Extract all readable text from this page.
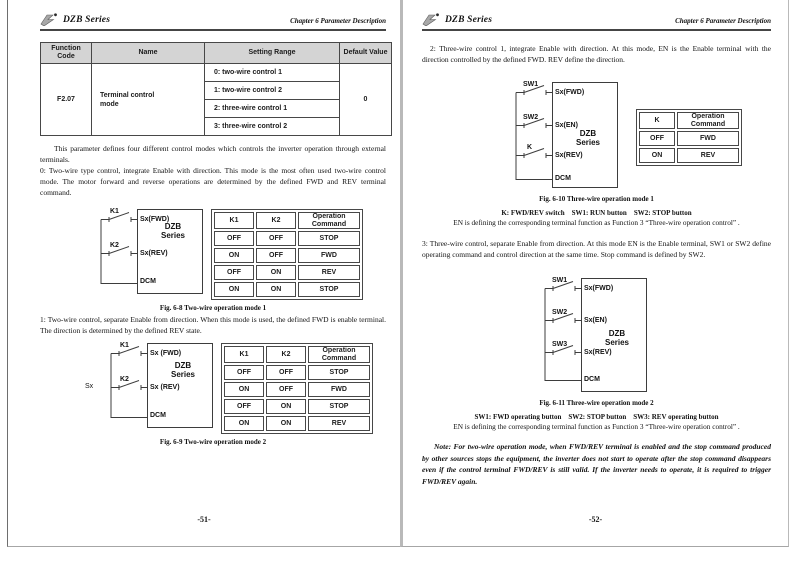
DZB Series	Chapter 6 Parameter Description
Function Code	Name	Setting Range	Default Value
F2.07	Terminal control mode	0: two-wire control 1	0
		1: two-wire control 2	
		2: three-wire control 1	
		3: three-wire control 2	

This parameter defines four different control modes which controls the inverter operation through external terminals.

0: Two-wire type control, integrate Enable with direction. This mode is the most often used two-wire control mode. The motor forward and reverse operations are determined by the defined FWD and REV terminal command.

K1
K2
Sx(FWD)
Sx(REV)
DCM
DZB Series
K1	K2	Operation Command
OFF	OFF	STOP
ON	OFF	FWD
OFF	ON	REV
ON	ON	STOP
Fig. 6-8 Two-wire operation mode 1

1: Two-wire control, separate Enable from direction. When this mode is used, the defined FWD is enable terminal. The direction is determined by the defined REV state.

Sx
K1
K2
Sx (FWD)
Sx (REV)
DCM
DZB Series
K1	K2	Operation Command
OFF	OFF	STOP
ON	OFF	FWD
OFF	ON	STOP
ON	ON	REV
Fig. 6-9 Two-wire operation mode 2
-51-
DZB Series	Chapter 6 Parameter Description

2: Three-wire control 1, integrate Enable with direction. At this mode, EN is the Enable terminal with the direction controlled by the defined FWD. REV define the direction.

SW1
SW2
K
Sx(FWD)
Sx(EN)
Sx(REV)
DCM
DZB Series
K	Operation Command
OFF	FWD
ON	REV
Fig. 6-10 Three-wire operation mode 1
K: FWD/REV switch SW1: RUN button SW2: STOP button
EN is defining the corresponding terminal function as Function 3 “Three-wire operation control” .

3: Three-wire control, separate Enable from direction. At this mode EN is the Enable terminal, SW1 or SW2 define operating command and control direction at the same time. Stop command is defined by SW2.

SW1
SW2
SW3
Sx(FWD)
Sx(EN)
Sx(REV)
DCM
DZB Series
Fig. 6-11 Three-wire operation mode 2
SW1: FWD operating button SW2: STOP button SW3: REV operating button
EN is defining the corresponding terminal function as Function 3 “Three-wire operation control” .

Note: For two-wire operation mode, when FWD/REV terminal is enabled and the stop command produced by other sources stops the equipment, the inverter does not start to operate after the stop command disappears even if the control terminal FWD/REV is still valid. If the inverter needs to operate, it is required to trigger FWD/REV again.

-52-
